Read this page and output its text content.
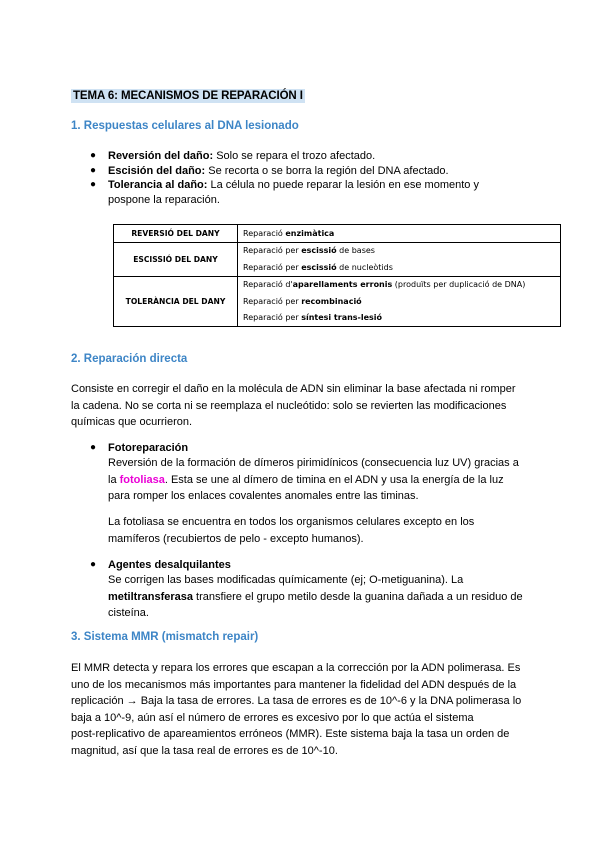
TEMA 6: MECANISMOS DE REPARACIÓN I
1. Respuestas celulares al DNA lesionado
● Reversión del daño: Solo se repara el trozo afectado.
● Escisión del daño: Se recorta o se borra la región del DNA afectado.
● Tolerancia al daño: La célula no puede reparar la lesión en ese momento y pospone la reparación.
REVERSIÓ DEL DANY	Reparació enzimàtica
ESCISSIÓ DEL DANY	Reparació per escissió de bases
	Reparació per escissió de nucleòtids
TOLERÀNCIA DEL DANY	Reparació d'aparellaments erronis (produïts per duplicació de DNA)
	Reparació per recombinació
	Reparació per síntesi trans-lesió
2. Reparación directa
Consiste en corregir el daño en la molécula de ADN sin eliminar la base afectada ni romper
la cadena. No se corta ni se reemplaza el nucleótido: solo se revierten las modificaciones
químicas que ocurrieron.
● Fotoreparación
Reversión de la formación de dímeros pirimidínicos (consecuencia luz UV) gracias a
la fotoliasa. Esta se une al dímero de timina en el ADN y usa la energía de la luz
para romper los enlaces covalentes anomales entre las timinas.
La fotoliasa se encuentra en todos los organismos celulares excepto en los
mamíferos (recubiertos de pelo - excepto humanos).
● Agentes desalquilantes
Se corrigen las bases modificadas químicamente (ej; O-metiguanina). La
metiltransferasa transfiere el grupo metilo desde la guanina dañada a un residuo de
cisteína.
3. Sistema MMR (mismatch repair)
El MMR detecta y repara los errores que escapan a la corrección por la ADN polimerasa. Es
uno de los mecanismos más importantes para mantener la fidelidad del ADN después de la
replicación → Baja la tasa de errores. La tasa de errores es de 10^-6 y la DNA polimerasa lo
baja a 10^-9, aún así el número de errores es excesivo por lo que actúa el sistema
post-replicativo de apareamientos erróneos (MMR). Este sistema baja la tasa un orden de
magnitud, así que la tasa real de errores es de 10^-10.
